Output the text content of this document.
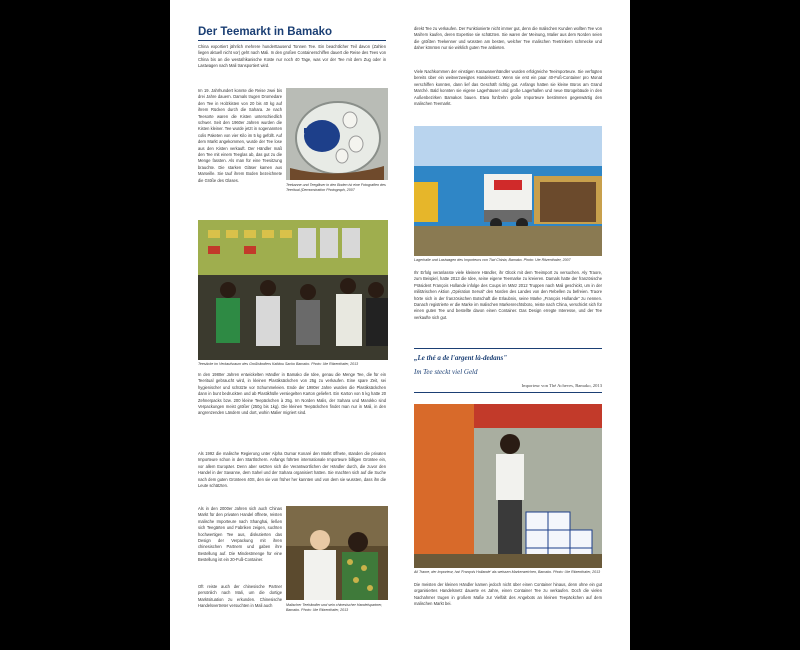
Der Teemarkt in Bamako
China exportiert jährlich mehrere hunderttausend Tonnen Tee. Ein beachtlicher Teil davon (Zahlen liegen aktuell nicht vor) geht nach Mali. In den großen Containerschiffen dauert die Reise des Tees von China bis an die westafrikanische Küste nur noch 40 Tage, was vor der Tee mit dem Zug oder in Lastwagen nach Mali transportiert wird.
Im 19. Jahrhundert konnte die Reise zwei bis drei Jahre dauern. Damals trugen Dromedare den Tee in Holzkisten von 20 bis 40 kg auf ihrem Rücken durch die Sahara. Je nach Teesorte waren die Kisten unterschiedlich schwer. Seit den 1960er Jahren wurden die Kisten kleiner. Tee wurde jetzt in sogenannten colis Paketen von vier Kilo im 5 kg gefüllt. Auf dem Markt angekommen, wurde der Tee lose aus den Kisten verkauft. Der Händler maß den Tee mit einem Teeglas ab, das gut zu die Menge fassten. Als man für eine Teesitzung brauchte. Die starken Gläser kamen aus Marseille. Sie tauf ihrem Boden bezeichnete die Größe des Glases.
Teekanne und Teegläser in den Boden ist eine Fotografien des Teeritual (Demonstration Photograph, 2007
Teesäcke im Verkaufsraum des Großhändlers Kalidou Sacko Bamako. Photo: Ute Ritzenthaler, 2013
In den 1980er Jahren entwickelten Händler in Bamako die Idee, genau die Menge Tee, die für ein Teeritual gebraucht wird, in kleinen Plastiksäckchen von 25g zu verkaufen. Eine spare Zeit, sei hygienischer und schützte vor Schummeleien. Ende der 1980er Jahre wurden die Plastiksäckchen dann in bunt bedruckten und ab Plastikhülle versiegelten Karton geliefert. Ein Karton von 5 kg hatte 20 Zehnerpacks bzw. 200 kleine Teepäckchen à 25g. Im Norden Malis, der Sahara und Marokko sind Verpackungen meist größer (250g bis 1kg). Die kleinen Teepäckchen findet man nur in Mali, in den angrenzenden Ländern und dort, wohin Malier migriert sind.
Als 1992 die malische Regierung unter Alpha Oumar Konaré den Markt öffnete, standen die privaten Importeure schon in den Startlöchern. Anfangs führten internationale Importeure billigen Grüntee ein, vor allem Europäer. Denn aber setzten sich die Verantwortlichen der Händler durch, die zuvor den Handel in der Savanne, dem Sahel und der Sahara organisiert hatten. Sie machten sich auf die Suche nach dem guten Grünteen 40S, den sie von früher her kannten und von dem sie wussten, dass ihn die Leute schätzten.
Als in den 2000er Jahren sich auch Chinas Markt für den privaten Handel öffnete, reisten malische Importeure nach Shanghai, ließen sich Teegärten und Fabriken zeigen, suchten hochwertigen Tee aus, diskutierten das Design der Verpackung mit ihren chinesischen Partnern und gaben ihre Bestellung auf. Die Mindestmenge für eine Bestellung ist ein 20-Fuß-Container.
Oft reiste auch der chinesische Partner persönlich nach Mali, um die dortige Marktsituation zu erkunden. Chinesische Handelsvertreter versuchten in Mali auch	Malischer Teehändler und sein chinesischer Handelspartner, Bamako. Photo: Ute Ritzenthaler, 2013
direkt Tee zu verkaufen. Der Funktionierte nicht immer gut, denn die malischen Kunden wollten Tee von Mali'ern kaufen, deren Expertise sie schätzten. Sie waren der Meinung, Malier aus dem Norden seien die größten Teekenner und wüssten am besten, welcher Tee malischen Teetrinkern schmecke und daher könnten nur sie wirklich guten Tee anbieten.
Viele Nachkommen der einstigen Karawanenhändler wurden erfolgreiche Teeimporteure. Sie verfügten bereits über ein weitverzweigtes Handelsnetz. Wenn sie erst ein paar 40-Fuß-Container pro Monat verschiffen konnten, dann lief das Geschäft richtig gut. Anfangs hatten sie kleine Büros am Grand Marché. Bald konnten sie eigene Lagerhäuser und große Lagerhallen und neue Bürogebäude in den Außenbezirken Bamakos bauen. Etwa fünfzehn große Importeure bestimmen gegenwärtig den malischen Teemarkt.
Lagerhalle und Lastwagen des Importeurs von Tiwi Chinia, Bamako. Photo: Ute Ritzenthaler, 2007
Ihr Erfolg veranlasste viele kleinere Händler, ihr Glück mit dem Teeimport zu versuchen. Aly Traore, zum Beispiel, hatte 2013 die Idee, seine eigene Teemarke zu kreieren. Damals hatte der französische Präsident François Hollande infolge des Coups im März 2012 Truppen nach Mali geschickt, um in der militärischen Aktion „Opération Serval" den Norden des Landes von den Rebellen zu befreien. Traore hörte sich in der französischen Botschaft die Erlaubnis, seine Marke „François Hollande" zu nennen. Danach registrierte er die Marke im malischen Markenrechtsbüro, reiste nach China, verschickt sich für einen guten Tee und bestellte davon einen Container. Das Design erregte Interesse, und der Tee verkaufte sich gut.
„Le thé a de l'argent là-dedans"
Im Tee steckt viel Geld
Importeur von Thé Acheves, Bamako, 2013
Ali Traore, der Importeur, hat 'François Hollande' als weissen Markenzeichen, Bamako. Photo: Ute Ritzenthaler, 2013
Die meisten der kleinen Händler kamen jedoch nicht über einen Container hinaus, denn ohne ein gut organisiertes Handelsnetz dauerte es Jahre, einen Container Tee zu verkaufen. Doch die vielen Nachahmer trugen in großem Maße zur Vielfalt des Angebots an kleinen Teepäckchen auf dem malischen Markt bei.
